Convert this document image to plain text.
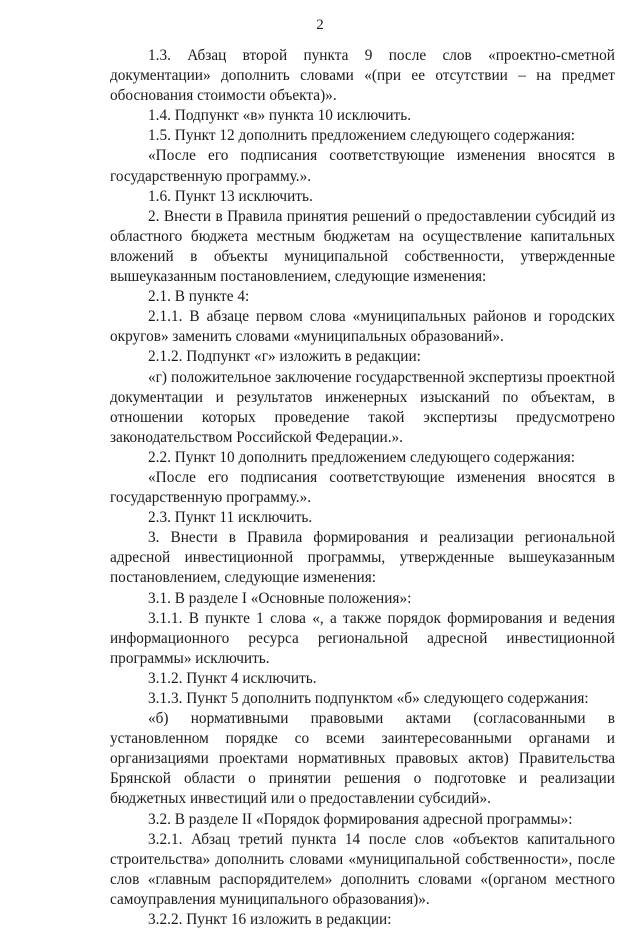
2

1.3. Абзац второй пункта 9 после слов «проектно-сметной документации» дополнить словами «(при ее отсутствии – на предмет обоснования стоимости объекта)».

1.4. Подпункт «в» пункта 10 исключить.

1.5. Пункт 12 дополнить предложением следующего содержания:

«После его подписания соответствующие изменения вносятся в государственную программу.».

1.6. Пункт 13 исключить.

2. Внести в Правила принятия решений о предоставлении субсидий из областного бюджета местным бюджетам на осуществление капитальных вложений в объекты муниципальной собственности, утвержденные вышеуказанным постановлением, следующие изменения:

2.1. В пункте 4:

2.1.1. В абзаце первом слова «муниципальных районов и городских округов» заменить словами «муниципальных образований».

2.1.2. Подпункт «г» изложить в редакции:

«г) положительное заключение государственной экспертизы проектной документации и результатов инженерных изысканий по объектам, в отношении которых проведение такой экспертизы предусмотрено законодательством Российской Федерации.».

2.2. Пункт 10 дополнить предложением следующего содержания:

«После его подписания соответствующие изменения вносятся в государственную программу.».

2.3. Пункт 11 исключить.

3. Внести в Правила формирования и реализации региональной адресной инвестиционной программы, утвержденные вышеуказанным постановлением, следующие изменения:

3.1. В разделе I «Основные положения»:

3.1.1. В пункте 1 слова «, а также порядок формирования и ведения информационного ресурса региональной адресной инвестиционной программы» исключить.

3.1.2. Пункт 4 исключить.

3.1.3. Пункт 5 дополнить подпунктом «б» следующего содержания:

«б) нормативными правовыми актами (согласованными в установленном порядке со всеми заинтересованными органами и организациями проектами нормативных правовых актов) Правительства Брянской области о принятии решения о подготовке и реализации бюджетных инвестиций или о предоставлении субсидий».

3.2. В разделе II «Порядок формирования адресной программы»:

3.2.1. Абзац третий пункта 14 после слов «объектов капитального строительства» дополнить словами «муниципальной собственности», после слов «главным распорядителем» дополнить словами «(органом местного самоуправления муниципального образования)».

3.2.2. Пункт 16 изложить в редакции:
